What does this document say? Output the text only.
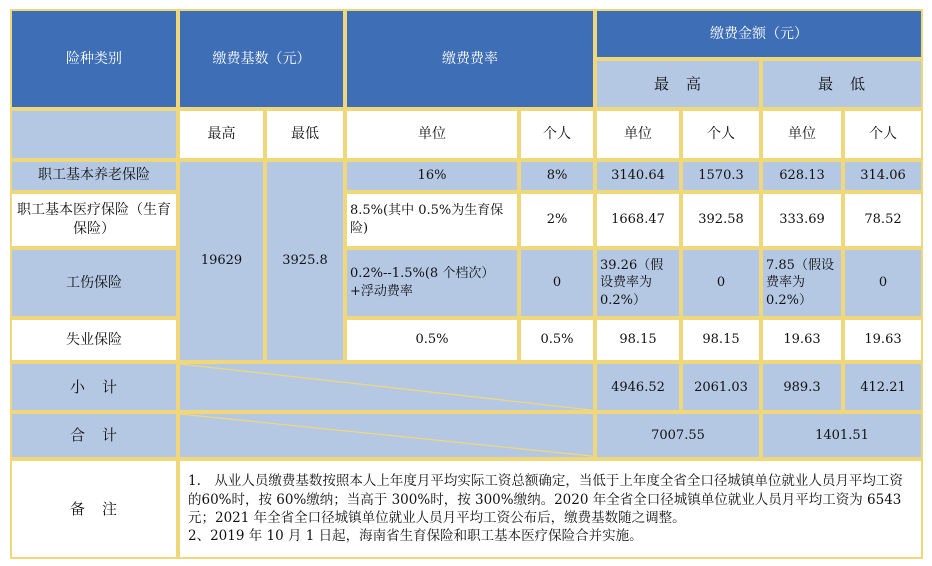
险种类别	缴费基数（元）		缴费费率		缴费金额（元）			
					最　高		最　低	
	最高	最低	单位	个人	单位	个人	单位	个人
职工基本养老保险	19629	3925.8	16%	8%	3140.64	1570.3	628.13	314.06
职工基本医疗保险（生育保险）			8.5%(其中 0.5%为生育保险)	2%	1668.47	392.58	333.69	78.52
工伤保险			0.2%--1.5%(8 个档次）+浮动费率	0	39.26（假设费率为0.2%）	0	7.85（假设费率为0.2%）	0
失业保险			0.5%	0.5%	98.15	98.15	19.63	19.63
小　计					4946.52	2061.03	989.3	412.21
合　计					7007.55		1401.51	
备　注	1.　从业人员缴费基数按照本人上年度月平均实际工资总额确定，当低于上年度全省全口径城镇单位就业人员月平均工资的60%时，按 60%缴纳；当高于 300%时，按 300%缴纳。2020 年全省全口径城镇单位就业人员月平均工资为 6543 元；2021 年全省全口径城镇单位就业人员月平均工资公布后，缴费基数随之调整。
2、2019 年 10 月 1 日起，海南省生育保险和职工基本医疗保险合并实施。							
